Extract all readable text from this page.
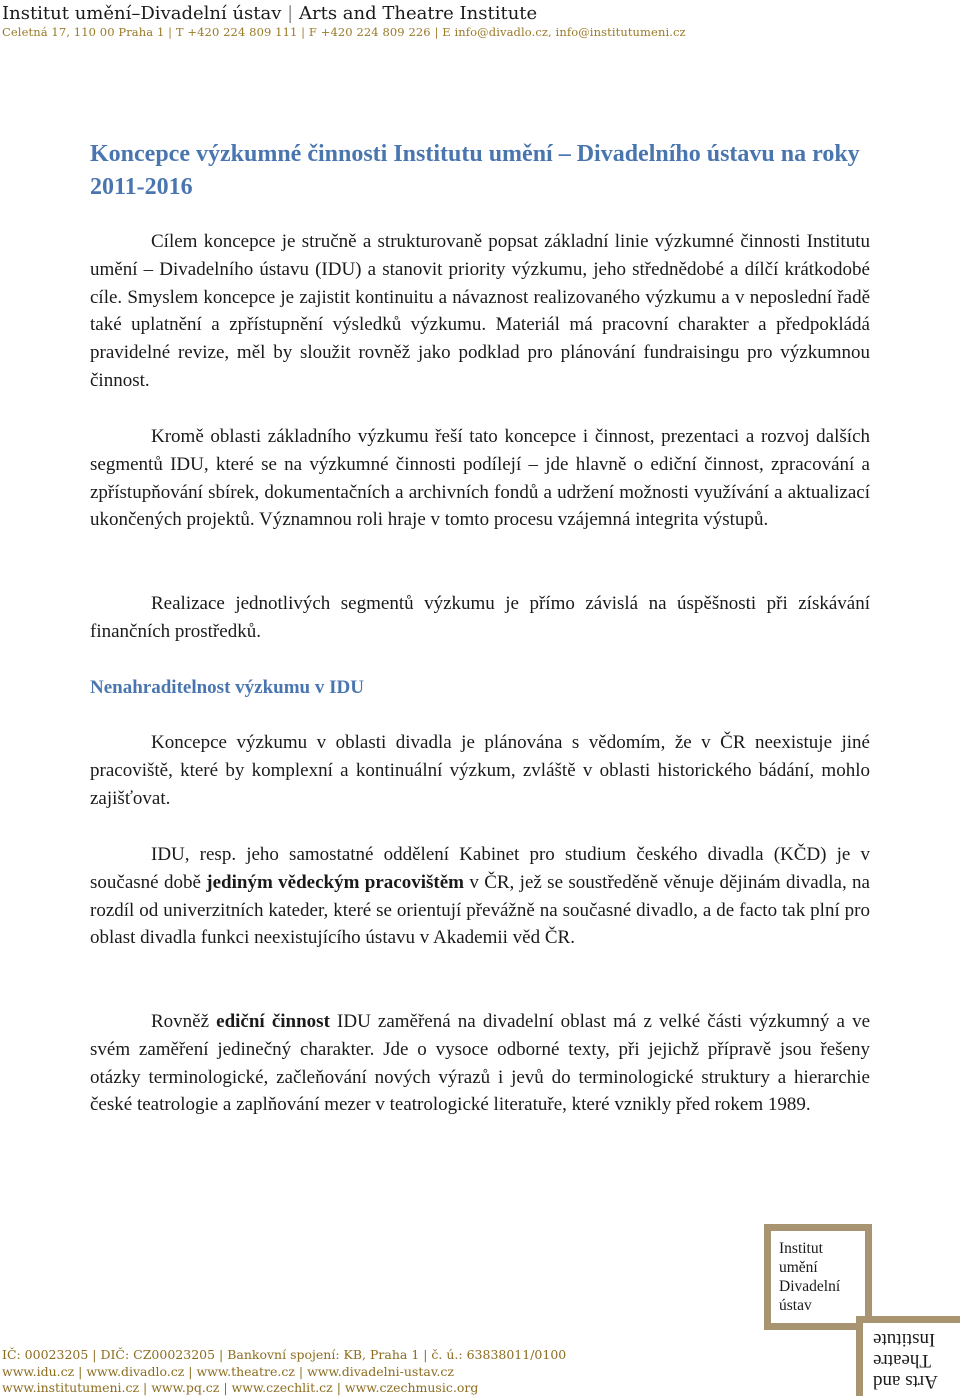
Institut umění–Divadelní ústav | Arts and Theatre Institute
Celetná 17, 110 00 Praha 1 | T +420 224 809 111 | F +420 224 809 226 | E info@divadlo.cz, info@institutumeni.cz
Koncepce výzkumné činnosti Institutu umění – Divadelního ústavu na roky 2011-2016
Cílem koncepce je stručně a strukturovaně popsat základní linie výzkumné činnosti Institutu umění – Divadelního ústavu (IDU) a stanovit priority výzkumu, jeho střednědobé a dílčí krátkodobé cíle. Smyslem koncepce je zajistit kontinuitu a návaznost realizovaného výzkumu a v neposlední řadě také uplatnění a zpřístupnění výsledků výzkumu. Materiál má pracovní charakter a předpokládá pravidelné revize, měl by sloužit rovněž jako podklad pro plánování fundraisingu pro výzkumnou činnost.
Kromě oblasti základního výzkumu řeší tato koncepce i činnost, prezentaci a rozvoj dalších segmentů IDU, které se na výzkumné činnosti podílejí – jde hlavně o ediční činnost, zpracování a zpřístupňování sbírek, dokumentačních a archivních fondů a udržení možnosti využívání a aktualizací ukončených projektů. Významnou roli hraje v tomto procesu vzájemná integrita výstupů.
Realizace jednotlivých segmentů výzkumu je přímo závislá na úspěšnosti při získávání finančních prostředků.
Nenahraditelnost výzkumu v IDU
Koncepce výzkumu v oblasti divadla je plánována s vědomím, že v ČR neexistuje jiné pracoviště, které by komplexní a kontinuální výzkum, zvláště v oblasti historického bádání, mohlo zajišťovat.
IDU, resp. jeho samostatné oddělení Kabinet pro studium českého divadla (KČD) je v současné době jediným vědeckým pracovištěm v ČR, jež se soustředěně věnuje dějinám divadla, na rozdíl od univerzitních kateder, které se orientují převážně na současné divadlo, a de facto tak plní pro oblast divadla funkci neexistujícího ústavu v Akademii věd ČR.
Rovněž ediční činnost IDU zaměřená na divadelní oblast má z velké části výzkumný a ve svém zaměření jedinečný charakter. Jde o vysoce odborné texty, při jejichž přípravě jsou řešeny otázky terminologické, začleňování nových výrazů i jevů do terminologické struktury a hierarchie české teatrologie a zaplňování mezer v teatrologické literatuře, které vznikly před rokem 1989.
Institut
umění
Divadelní
ústav
Arts and
Theatre
Institute
IČ: 00023205 | DIČ: CZ00023205 | Bankovní spojení: KB, Praha 1 | č. ú.: 63838011/0100
www.idu.cz | www.divadlo.cz | www.theatre.cz | www.divadelni-ustav.cz
www.institutumeni.cz | www.pq.cz | www.czechlit.cz | www.czechmusic.org
